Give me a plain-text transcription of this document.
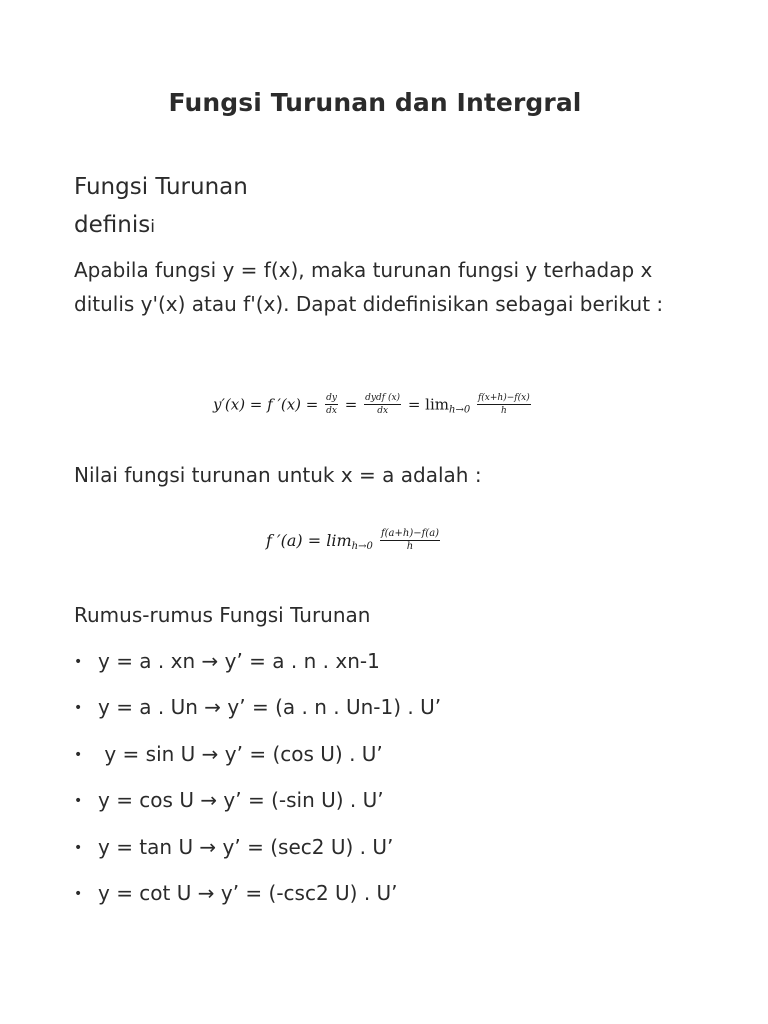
Fungsi Turunan dan Intergral
Fungsi Turunan
definisi
Apabila fungsi y = f(x), maka turunan fungsi y terhadap x ditulis y'(x) atau f'(x). Dapat didefinisikan sebagai berikut :
y′(x) = f $'(x) = \frac{dy}{dx} = \frac{\text{dydf (x)}}{dx} = \lim_{h\to 0} \frac{f(x+h)-f(x)}{h}$
Nilai fungsi turunan untuk x = a adalah :
f $'(a) = \lim_{h\to 0} \frac{f(a+h)-f(a)}{h}$
Rumus-rumus Fungsi Turunan
• y = a . xn → y’ = a . n . xn-1
• y = a . Un → y’ = (a . n . Un-1) . U’
• y = sin U → y’ = (cos U) . U’
• y = cos U → y’ = (-sin U) . U’
• y = tan U → y’ = (sec2 U) . U’
• y = cot U → y’ = (-csc2 U) . U’
